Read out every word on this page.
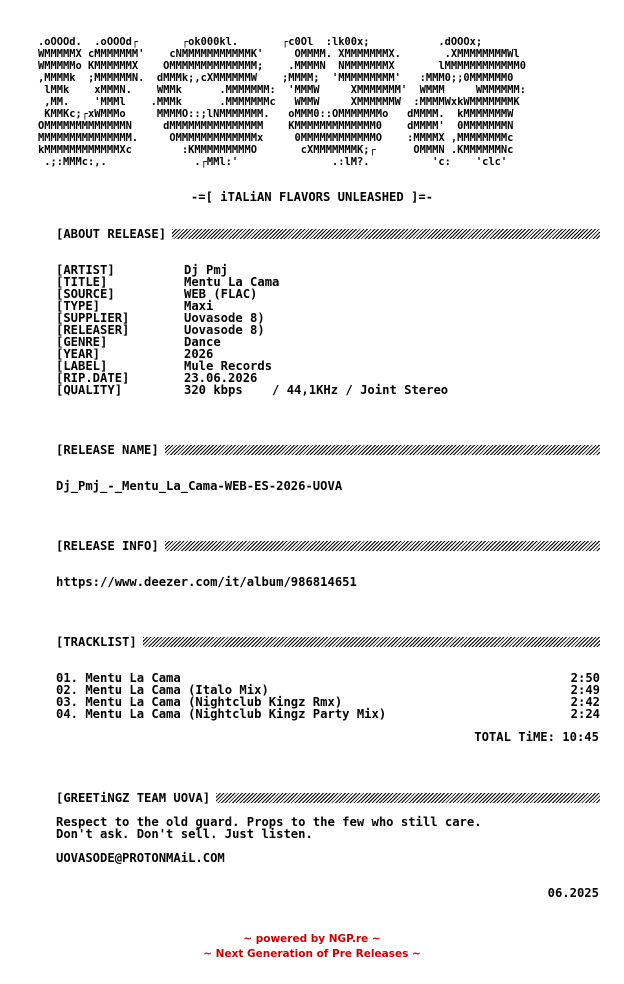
.oOOOd.  .oOOOd┌       ┌ok000kl.       ┌c0Ol  :lk00x;           .dOOOx;
WMMMMMX cMMMMMMM'    cNMMMMMMMMMMMK'     OMMMM. XMMMMMMMX.       .XMMMMMMMMWl
WMMMMMo KMMMMMMX    OMMMMMMMMMMMMMM;    .MMMMN  NMMMMMMMX       lMMMMMMMMMMMM0
,MMMMk  ;MMMMMMN.  dMMMk;,cXMMMMMMW    ;MMMM;  'MMMMMMMMM'   :MMM0;;0MMMMMM0
lMMk    xMMMN.    WMMk      .MMMMMMM:  'MMMW     XMMMMMMM'  WMMM     WMMMMMM:
,MM.    'MMMl    .MMMk      .MMMMMMMc   WMMW     XMMMMMMW  :MMMMWxkWMMMMMMMK
KMMKc;┌xWMMMo     MMMMO::;lNMMMMMMM.   oMMM0::OMMMMMMMo   dMMMM.  kMMMMMMMW
OMMMMMMMMMMMMMN     dMMMMMMMMMMMMMMM    KMMMMMMMMMMMMM0    dMMMM'  0MMMMMMMN
MMMMMMMMMMMMMMM.     OMMMMMMMMMMMMMx     0MMMMMMMMMMMMO    :MMMMX ,MMMMMMMMc
kMMMMMMMMMMMMXc        :KMMMMMMMMMO       cXMMMMMMMK;┌      OMMMN .KMMMMMMNc
.;:MMMc:,.              .┌MMl:'               .:lM?.          'c:    'clc'
-=[ iTALiAN FLAVORS UNLEASHED ]=-
[ABOUT RELEASE]
[ARTIST]	Dj Pmj
[TITLE]	Mentu La Cama
[SOURCE]	WEB (FLAC)
[TYPE]	Maxi
[SUPPLIER]	Uovasode 8)
[RELEASER]	Uovasode 8)
[GENRE]	Dance
[YEAR]	2026
[LABEL]	Mule Records
[RIP.DATE]	23.06.2026
[QUALITY]	320 kbps    / 44,1KHz / Joint Stereo
[RELEASE NAME]
Dj_Pmj_-_Mentu_La_Cama-WEB-ES-2026-UOVA
[RELEASE INFO]
https://www.deezer.com/it/album/986814651
[TRACKLIST]
01. Mentu La Cama	2:50
02. Mentu La Cama (Italo Mix)	2:49
03. Mentu La Cama (Nightclub Kingz Rmx)	2:42
04. Mentu La Cama (Nightclub Kingz Party Mix)	2:24
TOTAL TiME: 10:45
[GREETiNGZ TEAM UOVA]
Respect to the old guard. Props to the few who still care.
Don't ask. Don't sell. Just listen.
UOVASODE@PROTONMAiL.COM
06.2025
~ powered by NGP.re ~
~ Next Generation of Pre Releases ~
